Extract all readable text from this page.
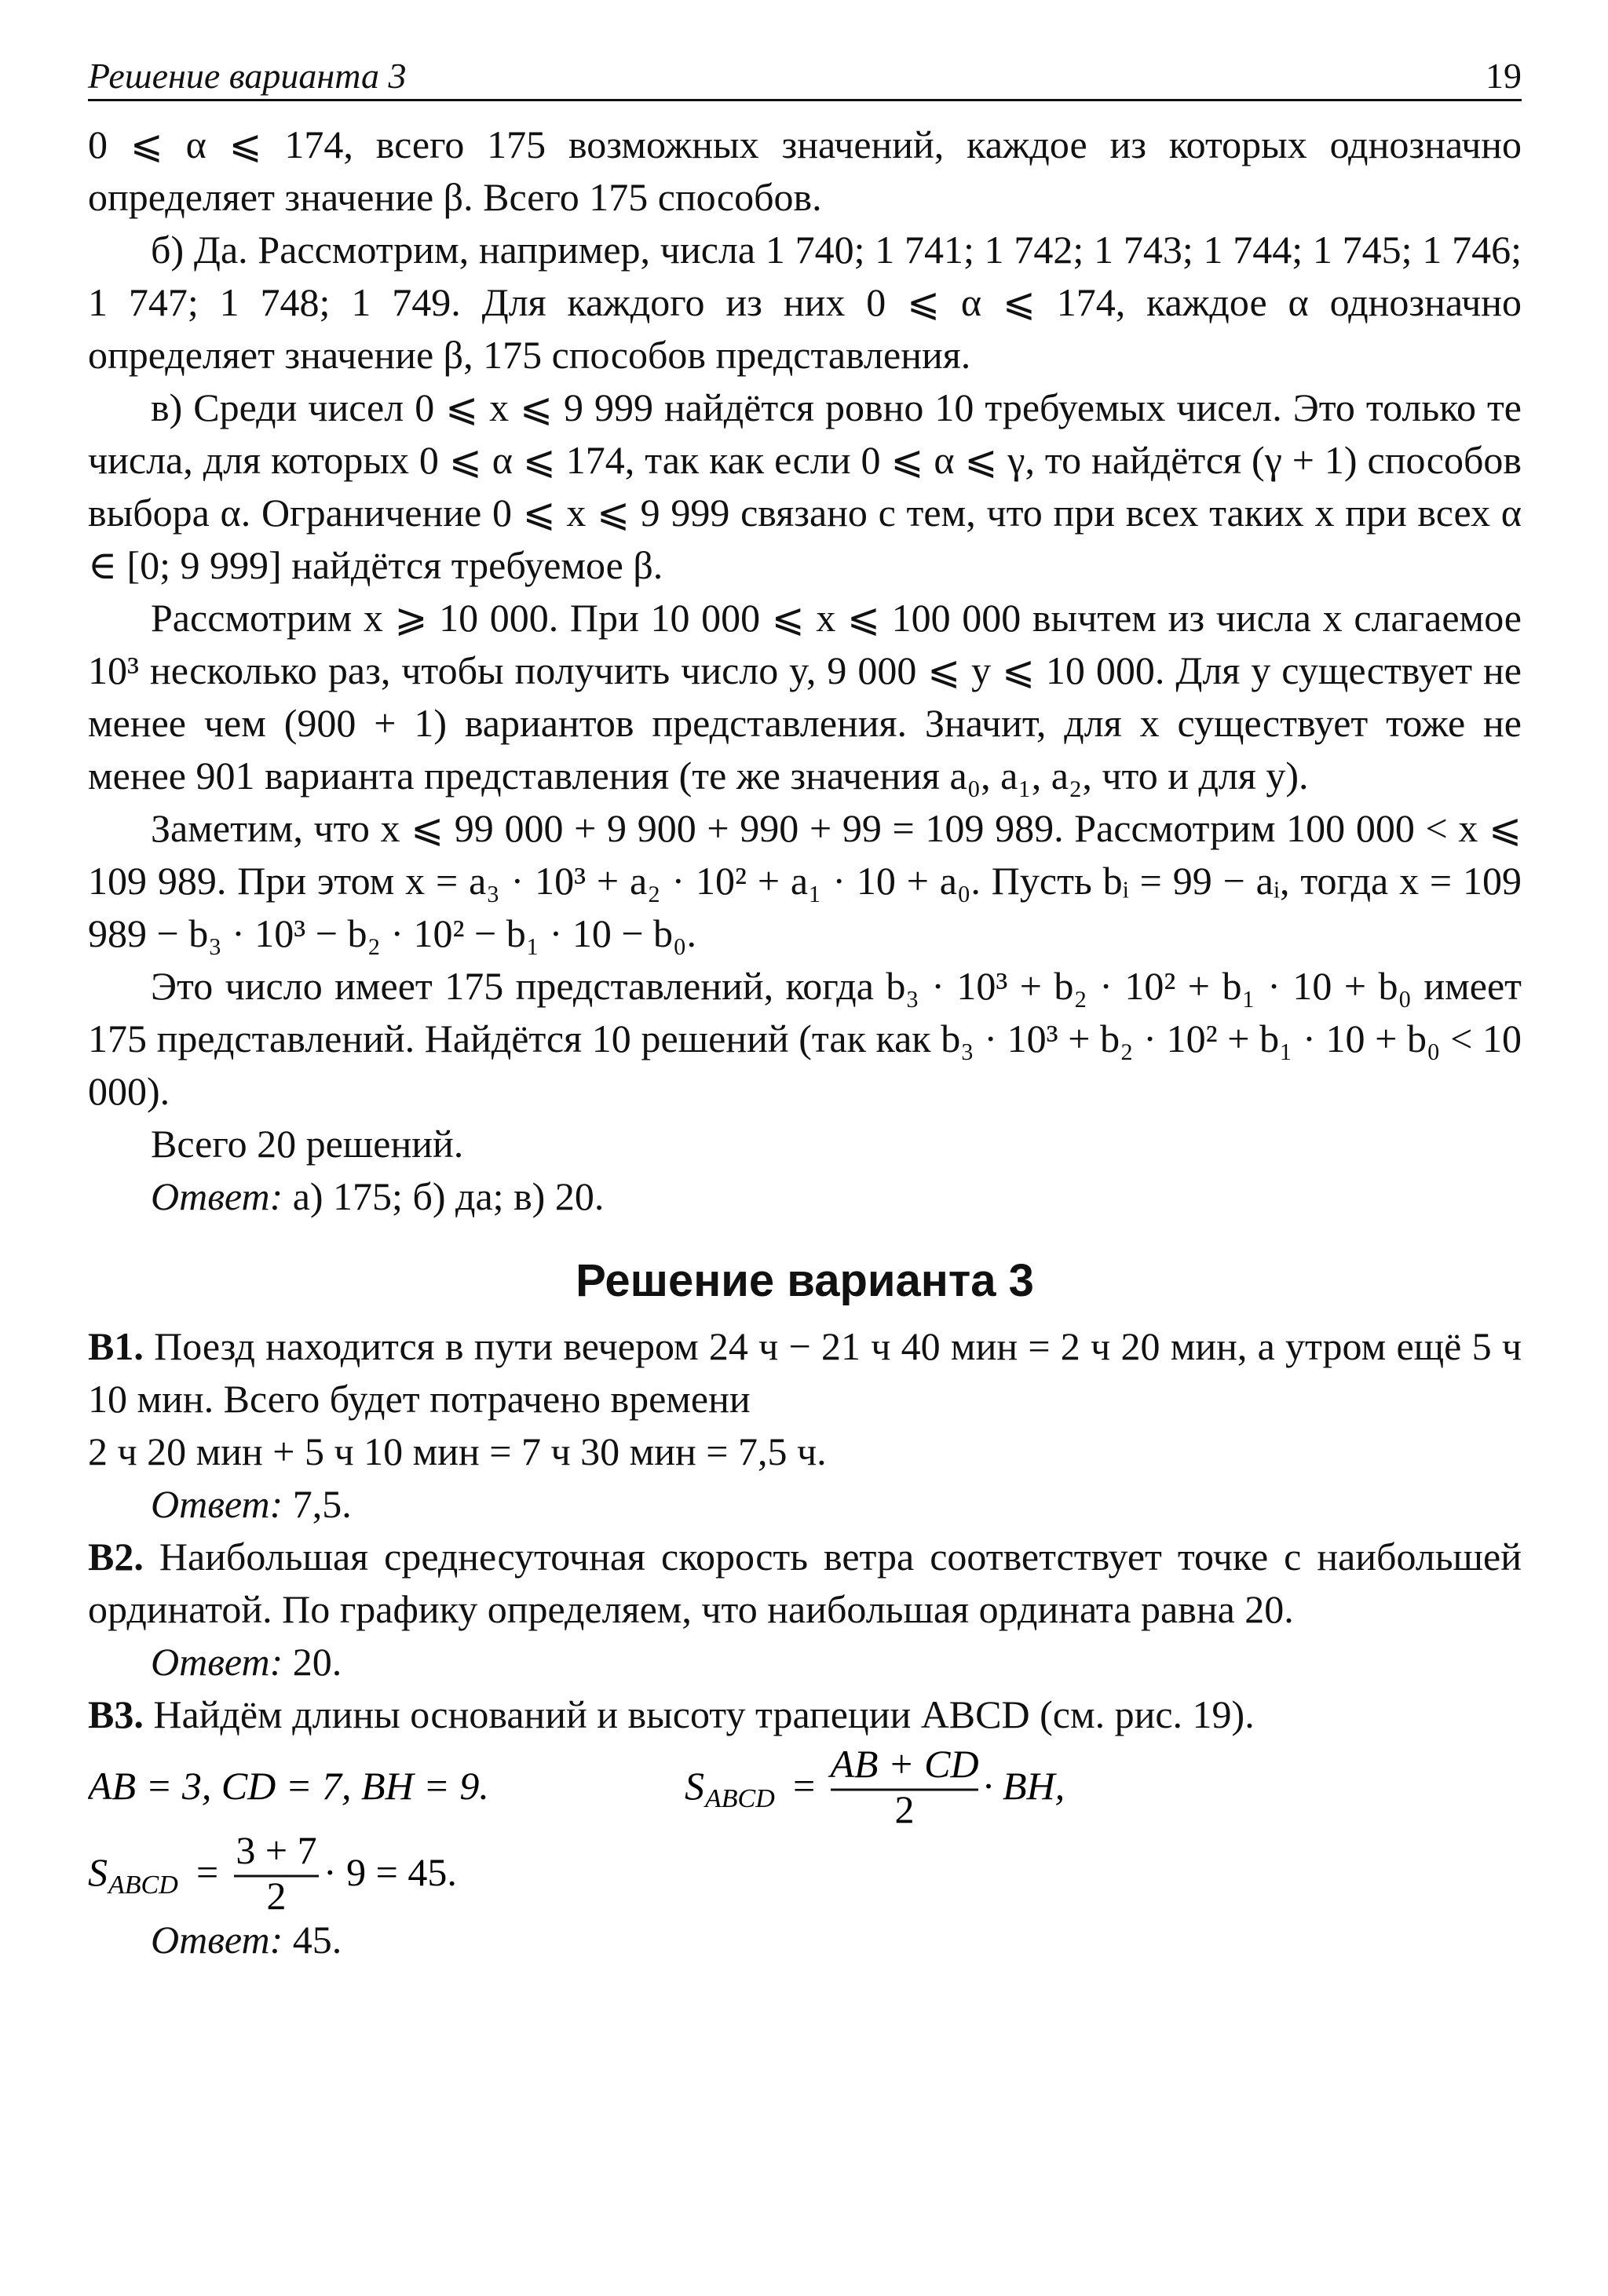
Решение варианта 3	19

0 ⩽ α ⩽ 174, всего 175 возможных значений, каждое из которых однозначно определяет значение β. Всего 175 способов.

б) Да. Рассмотрим, например, числа 1 740; 1 741; 1 742; 1 743; 1 744; 1 745; 1 746; 1 747; 1 748; 1 749. Для каждого из них 0 ⩽ α ⩽ 174, каждое α однозначно определяет значение β, 175 способов представления.

в) Среди чисел 0 ⩽ x ⩽ 9 999 найдётся ровно 10 требуемых чисел. Это только те числа, для которых 0 ⩽ α ⩽ 174, так как если 0 ⩽ α ⩽ γ, то найдётся (γ + 1) способов выбора α. Ограничение 0 ⩽ x ⩽ 9 999 связано с тем, что при всех таких x при всех α ∈ [0; 9 999] найдётся требуемое β.

Рассмотрим x ⩾ 10 000. При 10 000 ⩽ x ⩽ 100 000 вычтем из числа x слагаемое 10³ несколько раз, чтобы получить число y, 9 000 ⩽ y ⩽ 10 000. Для y существует не менее чем (900 + 1) вариантов представления. Значит, для x существует тоже не менее 901 варианта представления (те же значения a₀, a₁, a₂, что и для y).

Заметим, что x ⩽ 99 000 + 9 900 + 990 + 99 = 109 989. Рассмотрим 100 000 < x ⩽ 109 989. При этом x = a₃ · 10³ + a₂ · 10² + a₁ · 10 + a₀. Пусть bᵢ = 99 − aᵢ, тогда x = 109 989 − b₃ · 10³ − b₂ · 10² − b₁ · 10 − b₀.

Это число имеет 175 представлений, когда b₃ · 10³ + b₂ · 10² + b₁ · 10 + b₀ имеет 175 представлений. Найдётся 10 решений (так как b₃ · 10³ + b₂ · 10² + b₁ · 10 + b₀ < 10 000).

Всего 20 решений.

Ответ: а) 175; б) да; в) 20.

Решение варианта 3

B1. Поезд находится в пути вечером 24 ч − 21 ч 40 мин = 2 ч 20 мин, а утром ещё 5 ч 10 мин. Всего будет потрачено времени

2 ч 20 мин + 5 ч 10 мин = 7 ч 30 мин = 7,5 ч.

Ответ: 7,5.

B2. Наибольшая среднесуточная скорость ветра соответствует точке с наибольшей ординатой. По графику определяем, что наибольшая ордината равна 20.

Ответ: 20.

B3. Найдём длины оснований и высоту трапеции ABCD (см. рис. 19).

AB = 3, CD = 7, BH = 9.	S ABCD = AB + CD
2
· BH,
S ABCD = 3 + 7
2
· 9 = 45.

Ответ: 45.
